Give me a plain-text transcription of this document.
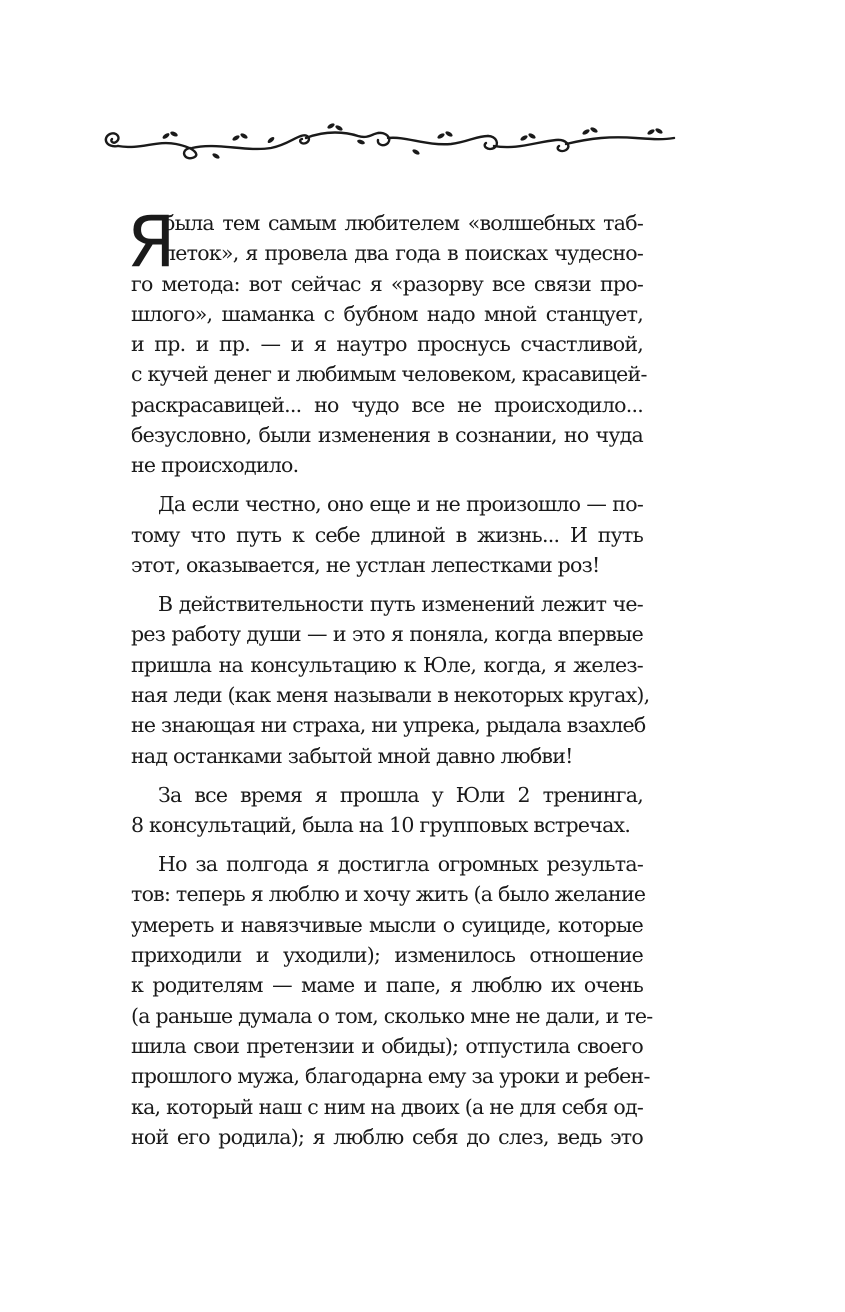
Я
была тем самым любителем «волшебных таб-
леток», я провела два года в поисках чудесно-
го метода: вот сейчас я «разорву все связи про-
шлого», шаманка с бубном надо мной станцует,
и пр. и пр. — и я наутро проснусь счастливой,
с кучей денег и любимым человеком, красавицей-
раскрасавицей... но чудо все не происходило...
безусловно, были изменения в сознании, но чуда
не происходило.
Да если честно, оно еще и не произошло — по-
тому что путь к себе длиной в жизнь... И путь
этот, оказывается, не устлан лепестками роз!
В действительности путь изменений лежит че-
рез работу души — и это я поняла, когда впервые
пришла на консультацию к Юле, когда, я желез-
ная леди (как меня называли в некоторых кругах),
не знающая ни страха, ни упрека, рыдала взахлеб
над останками забытой мной давно любви!
За все время я прошла у Юли 2 тренинга,
8 консультаций, была на 10 групповых встречах.
Но за полгода я достигла огромных результа-
тов: теперь я люблю и хочу жить (а было желание
умереть и навязчивые мысли о суициде, которые
приходили и уходили); изменилось отношение
к родителям — маме и папе, я люблю их очень
(а раньше думала о том, сколько мне не дали, и те-
шила свои претензии и обиды); отпустила своего
прошлого мужа, благодарна ему за уроки и ребен-
ка, который наш с ним на двоих (а не для себя од-
ной его родила); я люблю себя до слез, ведь это
